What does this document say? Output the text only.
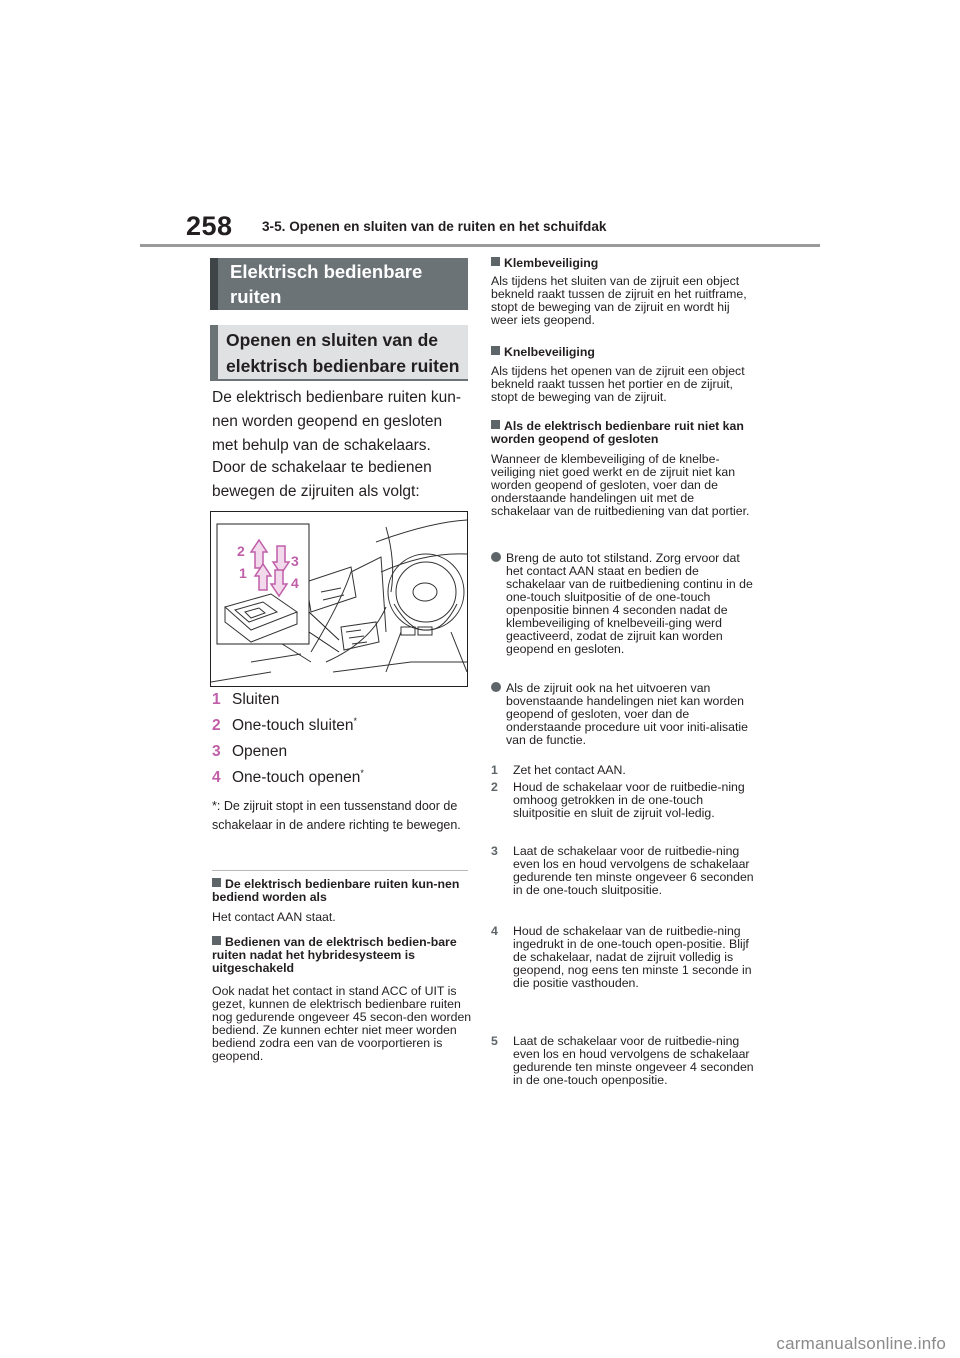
258 3-5. Openen en sluiten van de ruiten en het schuifdak
Elektrisch bedienbare ruiten
Openen en sluiten van de elektrisch bedienbare ruiten

De elektrisch bedienbare ruiten kun-nen worden geopend en gesloten met behulp van de schakelaars.

Door de schakelaar te bedienen bewegen de zijruiten als volgt:

2
1
3
4
1 Sluiten
2 One-touch sluiten*
3 Openen
4 One-touch openen*
*: De zijruit stopt in een tussenstand door de schakelaar in de andere richting te bewegen.
De elektrisch bedienbare ruiten kun-nen bediend worden als
Het contact AAN staat.
Bedienen van de elektrisch bedien-bare ruiten nadat het hybridesysteem is uitgeschakeld
Ook nadat het contact in stand ACC of UIT is gezet, kunnen de elektrisch bedienbare ruiten nog gedurende ongeveer 45 secon-den worden bediend. Ze kunnen echter niet meer worden bediend zodra een van de voorportieren is geopend.
Klembeveiliging
Als tijdens het sluiten van de zijruit een object bekneld raakt tussen de zijruit en het ruitframe, stopt de beweging van de zijruit en wordt hij weer iets geopend.
Knelbeveiliging
Als tijdens het openen van de zijruit een object bekneld raakt tussen het portier en de zijruit, stopt de beweging van de zijruit.
Als de elektrisch bedienbare ruit niet kan worden geopend of gesloten
Wanneer de klembeveiliging of de knelbe-veiliging niet goed werkt en de zijruit niet kan worden geopend of gesloten, voer dan de onderstaande handelingen uit met de schakelaar van de ruitbediening van dat portier.
Breng de auto tot stilstand. Zorg ervoor dat het contact AAN staat en bedien de schakelaar van de ruitbediening continu in de one-touch sluitpositie of de one-touch openpositie binnen 4 seconden nadat de klembeveiliging of knelbeveili-ging werd geactiveerd, zodat de zijruit kan worden geopend en gesloten.
Als de zijruit ook na het uitvoeren van bovenstaande handelingen niet kan worden geopend of gesloten, voer dan de onderstaande procedure uit voor initi-alisatie van de functie.
1	Zet het contact AAN.
2	Houd de schakelaar voor de ruitbedie-ning omhoog getrokken in de one-touch sluitpositie en sluit de zijruit vol-ledig.
3	Laat de schakelaar voor de ruitbedie-ning even los en houd vervolgens de schakelaar gedurende ten minste ongeveer 6 seconden in de one-touch sluitpositie.
4	Houd de schakelaar van de ruitbedie-ning ingedrukt in de one-touch open-positie. Blijf de schakelaar, nadat de zijruit volledig is geopend, nog eens ten minste 1 seconde in die positie vasthouden.
5	Laat de schakelaar voor de ruitbedie-ning even los en houd vervolgens de schakelaar gedurende ten minste ongeveer 4 seconden in de one-touch openpositie.
carmanualsonline.info
